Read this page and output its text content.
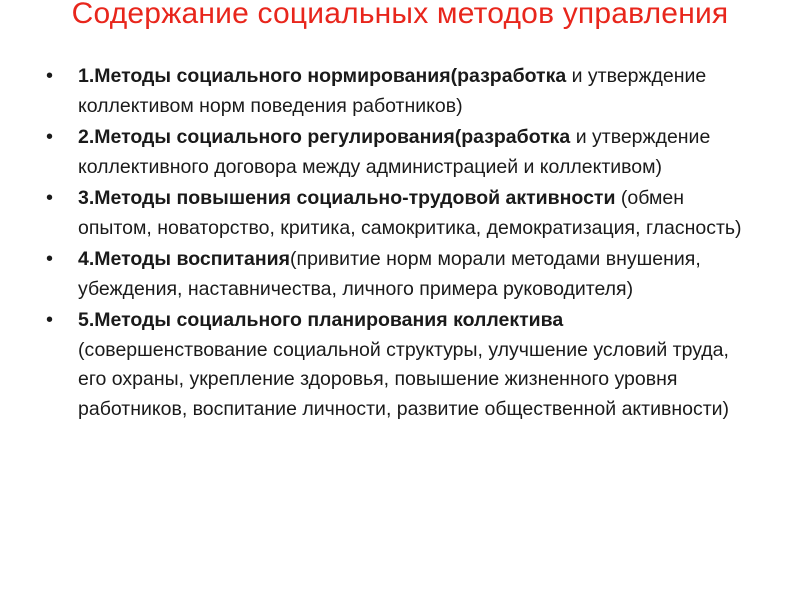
Содержание социальных методов управления
• 1.Методы социального нормирования(разработка и утверждение коллективом норм поведения работников)
• 2.Методы социального регулирования(разработка и утверждение коллективного договора между администрацией и коллективом)
• 3.Методы повышения социально-трудовой активности (обмен опытом, новаторство, критика, самокритика, демократизация, гласность)
• 4.Методы воспитания(привитие норм морали методами внушения, убеждения, наставничества, личного примера руководителя)
• 5.Методы социального планирования коллектива (совершенствование социальной структуры, улучшение условий труда, его охраны, укрепление здоровья, повышение жизненного уровня работников, воспитание личности, развитие общественной активности)
